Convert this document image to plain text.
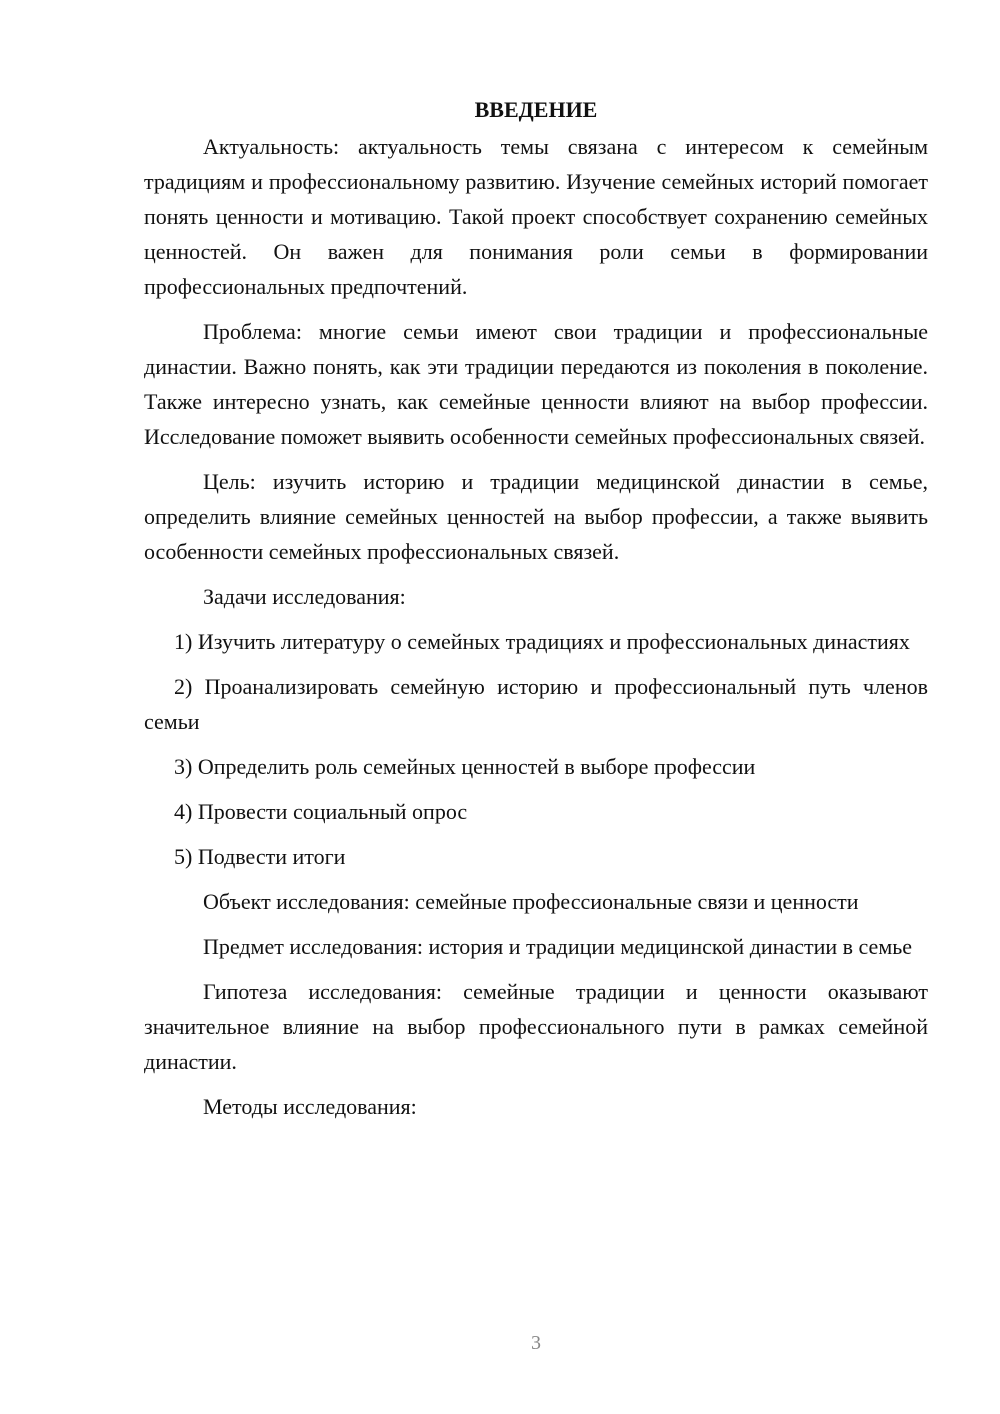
ВВЕДЕНИЕ

Актуальность: актуальность темы связана с интересом к семейным традициям и профессиональному развитию. Изучение семейных историй помогает понять ценности и мотивацию. Такой проект способствует сохранению семейных ценностей. Он важен для понимания роли семьи в формировании профессиональных предпочтений.

Проблема: многие семьи имеют свои традиции и профессиональные династии. Важно понять, как эти традиции передаются из поколения в поколение. Также интересно узнать, как семейные ценности влияют на выбор профессии. Исследование поможет выявить особенности семейных профессиональных связей.

Цель: изучить историю и традиции медицинской династии в семье, определить влияние семейных ценностей на выбор профессии, а также выявить особенности семейных профессиональных связей.

Задачи исследования:

1) Изучить литературу о семейных традициях и профессиональных династиях

2) Проанализировать семейную историю и профессиональный путь членов семьи

3) Определить роль семейных ценностей в выборе профессии

4) Провести социальный опрос

5) Подвести итоги

Объект исследования: семейные профессиональные связи и ценности

Предмет исследования: история и традиции медицинской династии в семье

Гипотеза исследования: семейные традиции и ценности оказывают значительное влияние на выбор профессионального пути в рамках семейной династии.

Методы исследования:

3
